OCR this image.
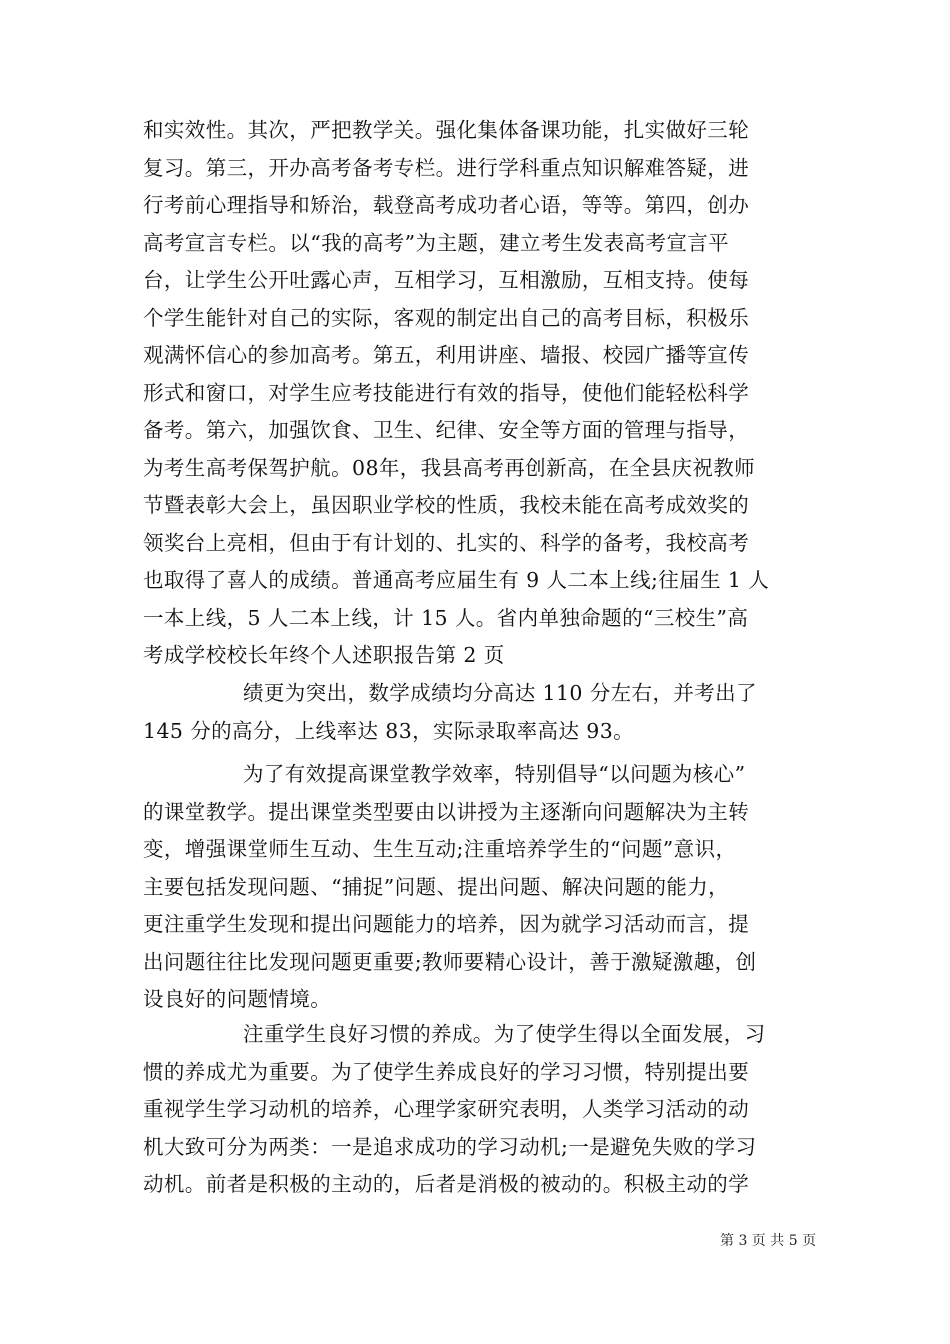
和实效性。其次，严把教学关。强化集体备课功能，扎实做好三轮
复习。第三，开办高考备考专栏。进行学科重点知识解难答疑，进
行考前心理指导和矫治，载登高考成功者心语，等等。第四，创办
高考宣言专栏。以“我的高考”为主题，建立考生发表高考宣言平
台，让学生公开吐露心声，互相学习，互相激励，互相支持。使每
个学生能针对自己的实际，客观的制定出自己的高考目标，积极乐
观满怀信心的参加高考。第五，利用讲座、墙报、校园广播等宣传
形式和窗口，对学生应考技能进行有效的指导，使他们能轻松科学
备考。第六，加强饮食、卫生、纪律、安全等方面的管理与指导，
为考生高考保驾护航。08年，我县高考再创新高，在全县庆祝教师
节暨表彰大会上，虽因职业学校的性质，我校未能在高考成效奖的
领奖台上亮相，但由于有计划的、扎实的、科学的备考，我校高考
也取得了喜人的成绩。普通高考应届生有 9 人二本上线;往届生 1 人
一本上线，5 人二本上线，计 15 人。省内单独命题的“三校生”高
考成学校校长年终个人述职报告第 2 页
绩更为突出，数学成绩均分高达 110 分左右，并考出了
145 分的高分，上线率达 83，实际录取率高达 93。
为了有效提高课堂教学效率，特别倡导“以问题为核心”
的课堂教学。提出课堂类型要由以讲授为主逐渐向问题解决为主转
变，增强课堂师生互动、生生互动;注重培养学生的“问题”意识，
主要包括发现问题、“捕捉”问题、提出问题、解决问题的能力，
更注重学生发现和提出问题能力的培养，因为就学习活动而言，提
出问题往往比发现问题更重要;教师要精心设计，善于激疑激趣，创
设良好的问题情境。
注重学生良好习惯的养成。为了使学生得以全面发展，习
惯的养成尤为重要。为了使学生养成良好的学习习惯，特别提出要
重视学生学习动机的培养，心理学家研究表明，人类学习活动的动
机大致可分为两类：一是追求成功的学习动机;一是避免失败的学习
动机。前者是积极的主动的，后者是消极的被动的。积极主动的学
第 3 页 共 5 页
